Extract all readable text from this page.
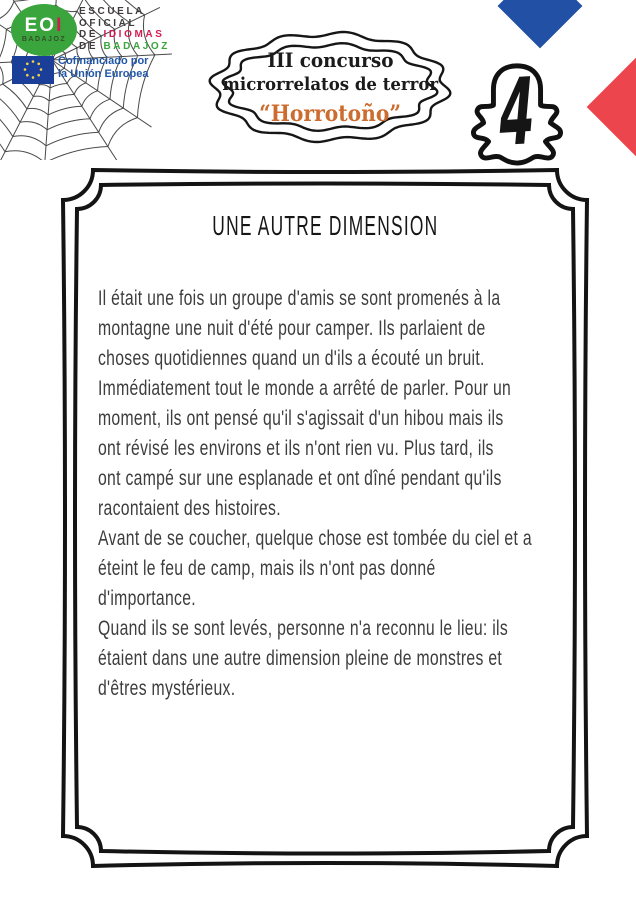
EOI
BADAJOZ
ESCUELA
OFICIAL
DE IDIOMAS
DE BADAJOZ
Cofinanciado por
la Unión Europea
III concurso
microrrelatos de terror
“Horrotoño”	4
UNE AUTRE DIMENSION
Il était une fois un groupe d'amis se sont promenés à la
montagne une nuit d'été pour camper. Ils parlaient de
choses quotidiennes quand un d'ils a écouté un bruit.
Immédiatement tout le monde a arrêté de parler. Pour un
moment, ils ont pensé qu'il s'agissait d'un hibou mais ils
ont révisé les environs et ils n'ont rien vu. Plus tard, ils
ont campé sur une esplanade et ont dîné pendant qu'ils
racontaient des histoires.
Avant de se coucher, quelque chose est tombée du ciel et a
éteint le feu de camp, mais ils n'ont pas donné
d'importance.
Quand ils se sont levés, personne n'a reconnu le lieu: ils
étaient dans une autre dimension pleine de monstres et
d'êtres mystérieux.
